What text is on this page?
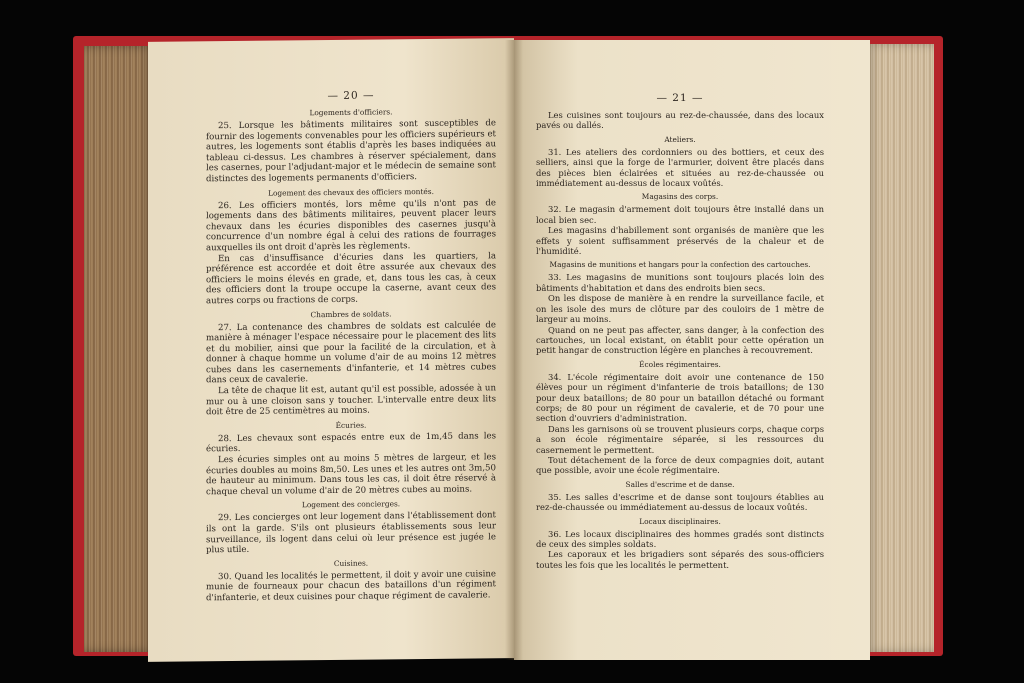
— 20 —
Logements d'officiers.

25. Lorsque les bâtiments militaires sont susceptibles de fournir des logements convenables pour les officiers supérieurs et autres, les logements sont établis d'après les bases indiquées au tableau ci-dessus. Les chambres à réserver spécialement, dans les casernes, pour l'adjudant-major et le médecin de semaine sont distinctes des logements permanents d'officiers.

Logement des chevaux des officiers montés.

26. Les officiers montés, lors même qu'ils n'ont pas de logements dans des bâtiments militaires, peuvent placer leurs chevaux dans les écuries disponibles des casernes jusqu'à concurrence d'un nombre égal à celui des rations de fourrages auxquelles ils ont droit d'après les règlements.

En cas d'insuffisance d'écuries dans les quartiers, la préférence est accordée et doit être assurée aux chevaux des officiers le moins élevés en grade, et, dans tous les cas, à ceux des officiers dont la troupe occupe la caserne, avant ceux des autres corps ou fractions de corps.

Chambres de soldats.

27. La contenance des chambres de soldats est calculée de manière à ménager l'espace nécessaire pour le placement des lits et du mobilier, ainsi que pour la facilité de la circulation, et à donner à chaque homme un volume d'air de au moins 12 mètres cubes dans les casernements d'infanterie, et 14 mètres cubes dans ceux de cavalerie.

La tête de chaque lit est, autant qu'il est possible, adossée à un mur ou à une cloison sans y toucher. L'intervalle entre deux lits doit être de 25 centimètres au moins.

Écuries.

28. Les chevaux sont espacés entre eux de 1m,45 dans les écuries.

Les écuries simples ont au moins 5 mètres de largeur, et les écuries doubles au moins 8m,50. Les unes et les autres ont 3m,50 de hauteur au minimum. Dans tous les cas, il doit être réservé à chaque cheval un volume d'air de 20 mètres cubes au moins.

Logement des concierges.

29. Les concierges ont leur logement dans l'établissement dont ils ont la garde. S'ils ont plusieurs établissements sous leur surveillance, ils logent dans celui où leur présence est jugée le plus utile.

Cuisines.

30. Quand les localités le permettent, il doit y avoir une cuisine munie de fourneaux pour chacun des bataillons d'un régiment d'infanterie, et deux cuisines pour chaque régiment de cavalerie.

— 21 —

Les cuisines sont toujours au rez-de-chaussée, dans des locaux pavés ou dallés.

Ateliers.

31. Les ateliers des cordonniers ou des bottiers, et ceux des selliers, ainsi que la forge de l'armurier, doivent être placés dans des pièces bien éclairées et situées au rez-de-chaussée ou immédiatement au-dessus de locaux voûtés.

Magasins des corps.

32. Le magasin d'armement doit toujours être installé dans un local bien sec.

Les magasins d'habillement sont organisés de manière que les effets y soient suffisamment préservés de la chaleur et de l'humidité.

Magasins de munitions et hangars pour la confection des cartouches.

33. Les magasins de munitions sont toujours placés loin des bâtiments d'habitation et dans des endroits bien secs.

On les dispose de manière à en rendre la surveillance facile, et on les isole des murs de clôture par des couloirs de 1 mètre de largeur au moins.

Quand on ne peut pas affecter, sans danger, à la confection des cartouches, un local existant, on établit pour cette opération un petit hangar de construction légère en planches à recouvrement.

Écoles régimentaires.

34. L'école régimentaire doit avoir une contenance de 150 élèves pour un régiment d'infanterie de trois bataillons; de 130 pour deux bataillons; de 80 pour un bataillon détaché ou formant corps; de 80 pour un régiment de cavalerie, et de 70 pour une section d'ouvriers d'administration.

Dans les garnisons où se trouvent plusieurs corps, chaque corps a son école régimentaire séparée, si les ressources du casernement le permettent.

Tout détachement de la force de deux compagnies doit, autant que possible, avoir une école régimentaire.

Salles d'escrime et de danse.

35. Les salles d'escrime et de danse sont toujours établies au rez-de-chaussée ou immédiatement au-dessus de locaux voûtés.

Locaux disciplinaires.

36. Les locaux disciplinaires des hommes gradés sont distincts de ceux des simples soldats.

Les caporaux et les brigadiers sont séparés des sous-officiers toutes les fois que les localités le permettent.
